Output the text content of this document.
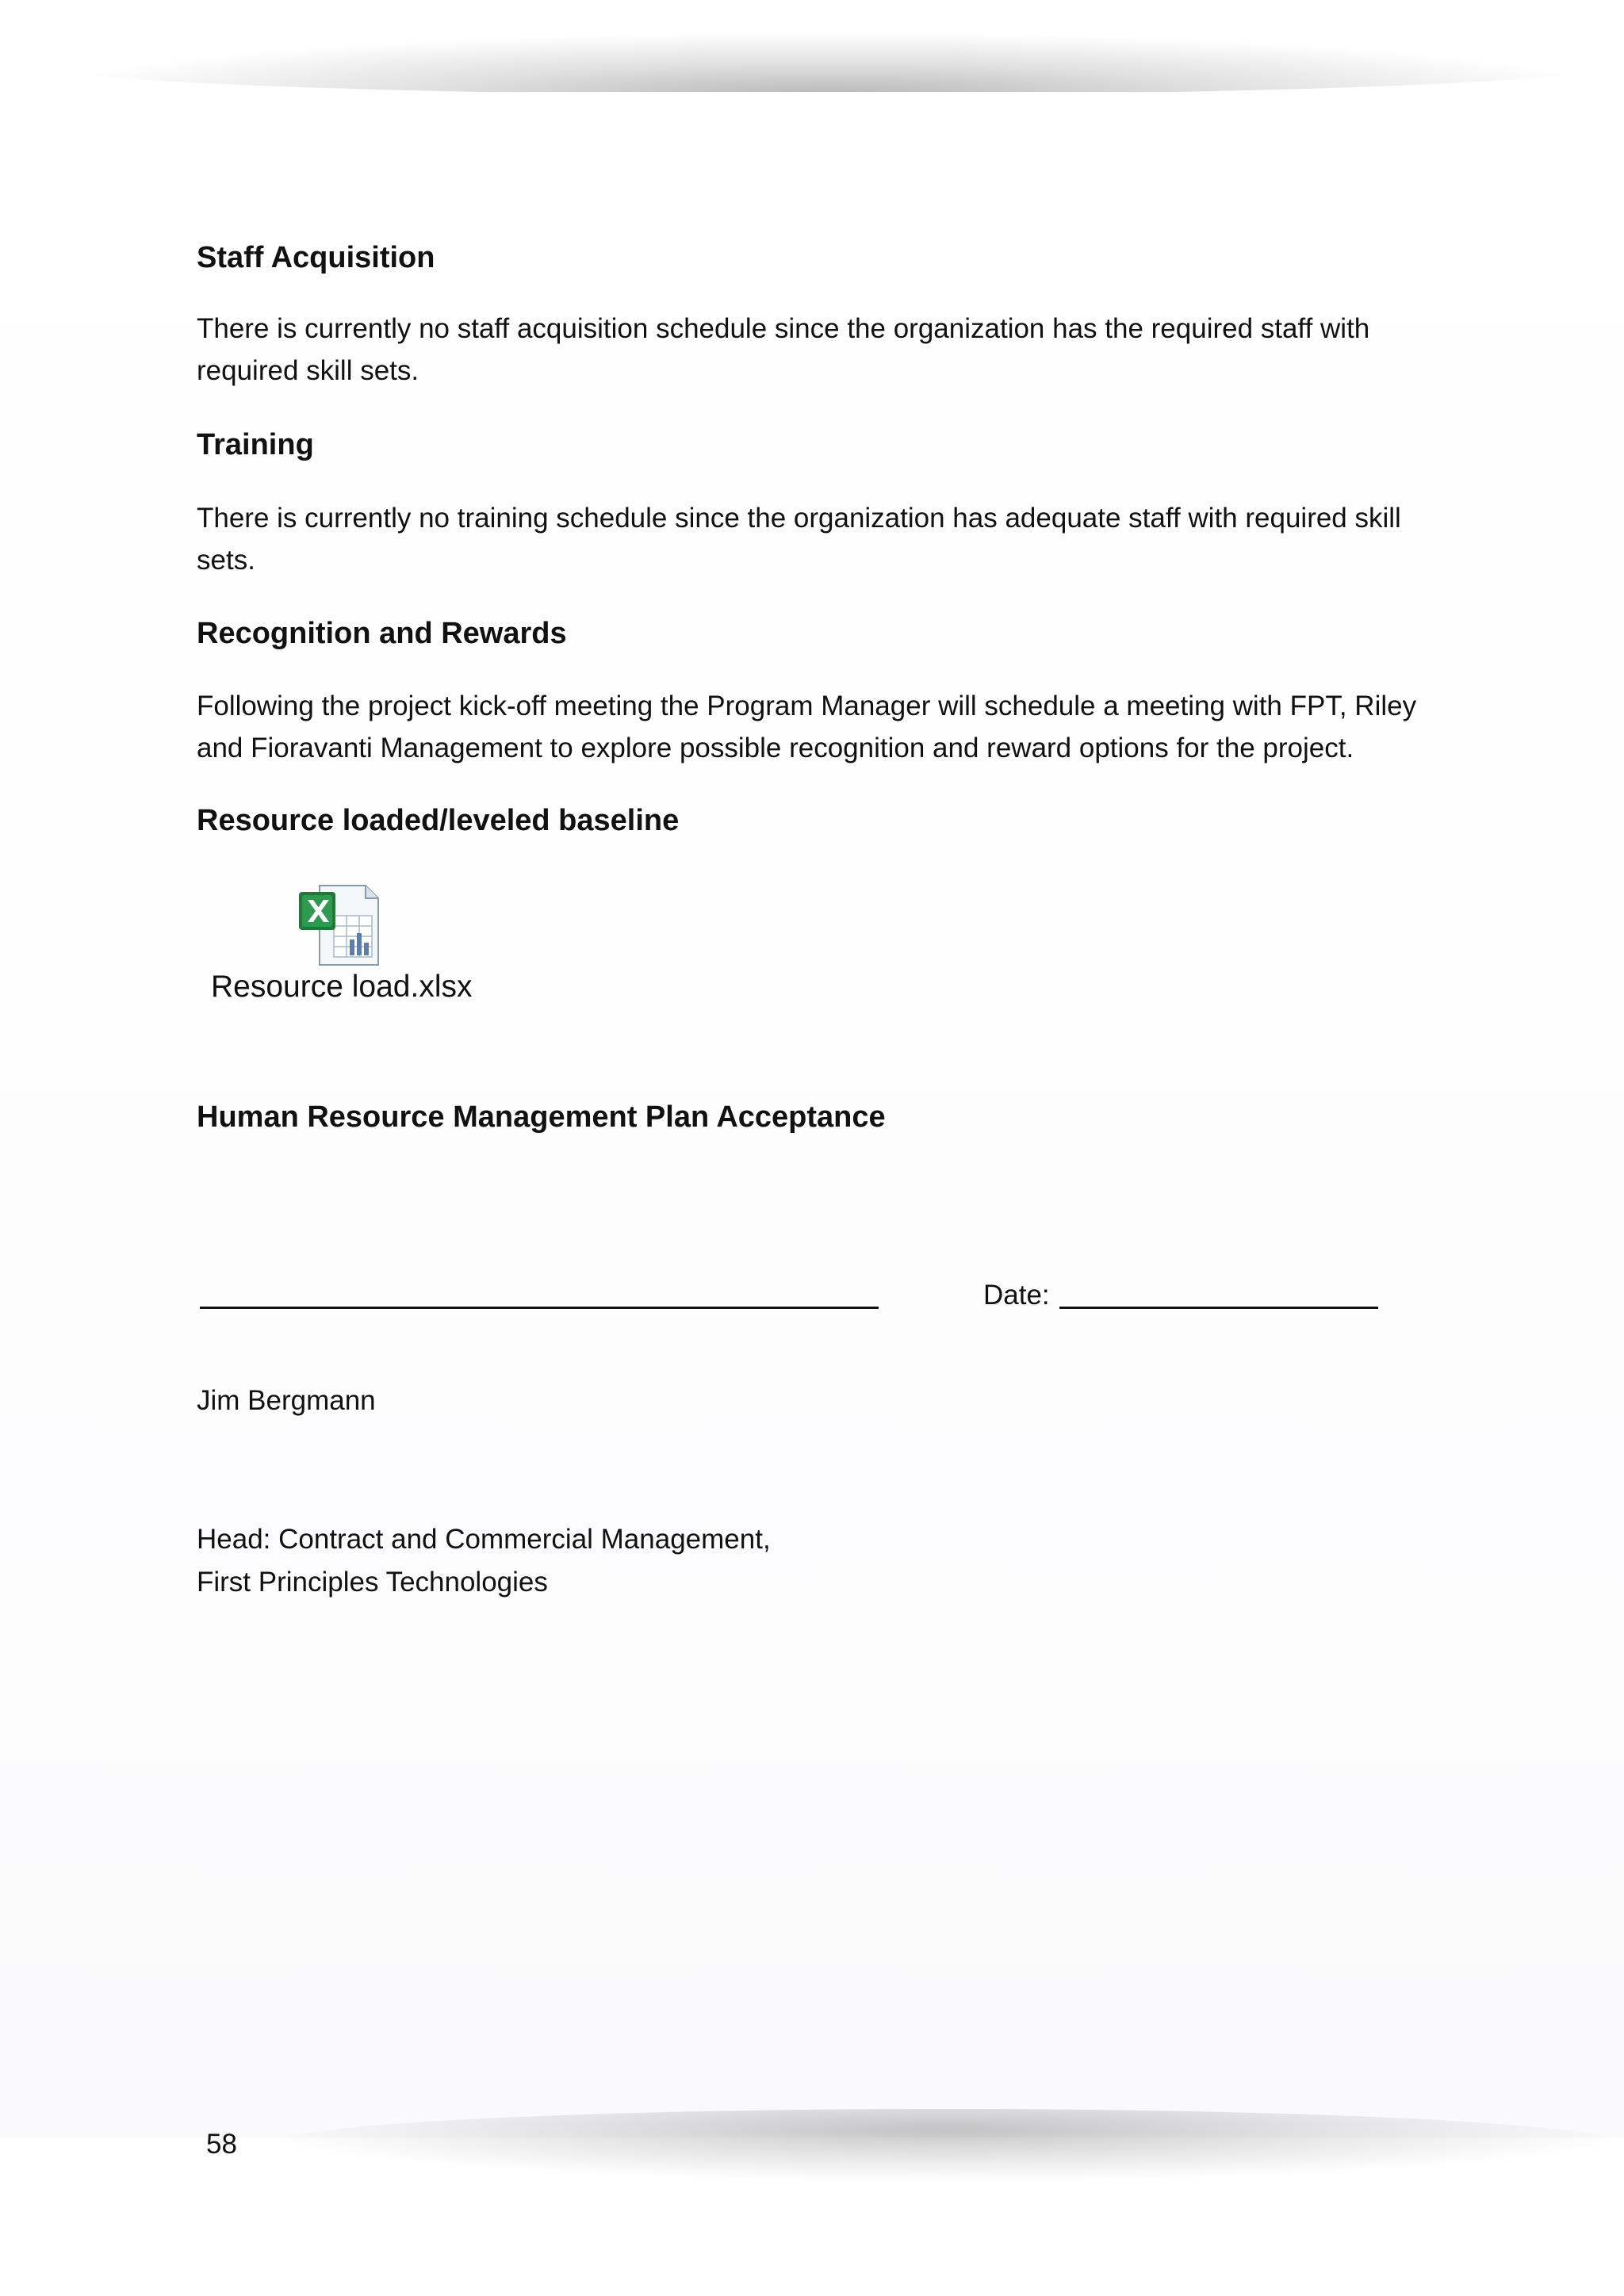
Staff Acquisition
There is currently no staff acquisition schedule since the organization has the required staff with
required skill sets.
Training
There is currently no training schedule since the organization has adequate staff with required skill
sets.
Recognition and Rewards
Following the project kick-off meeting the Program Manager will schedule a meeting with FPT, Riley
and Fioravanti Management to explore possible recognition and reward options for the project.
Resource loaded/leveled baseline
Resource load.xlsx
Human Resource Management Plan Acceptance
Date:
Jim Bergmann
Head: Contract and Commercial Management,
First Principles Technologies
58
